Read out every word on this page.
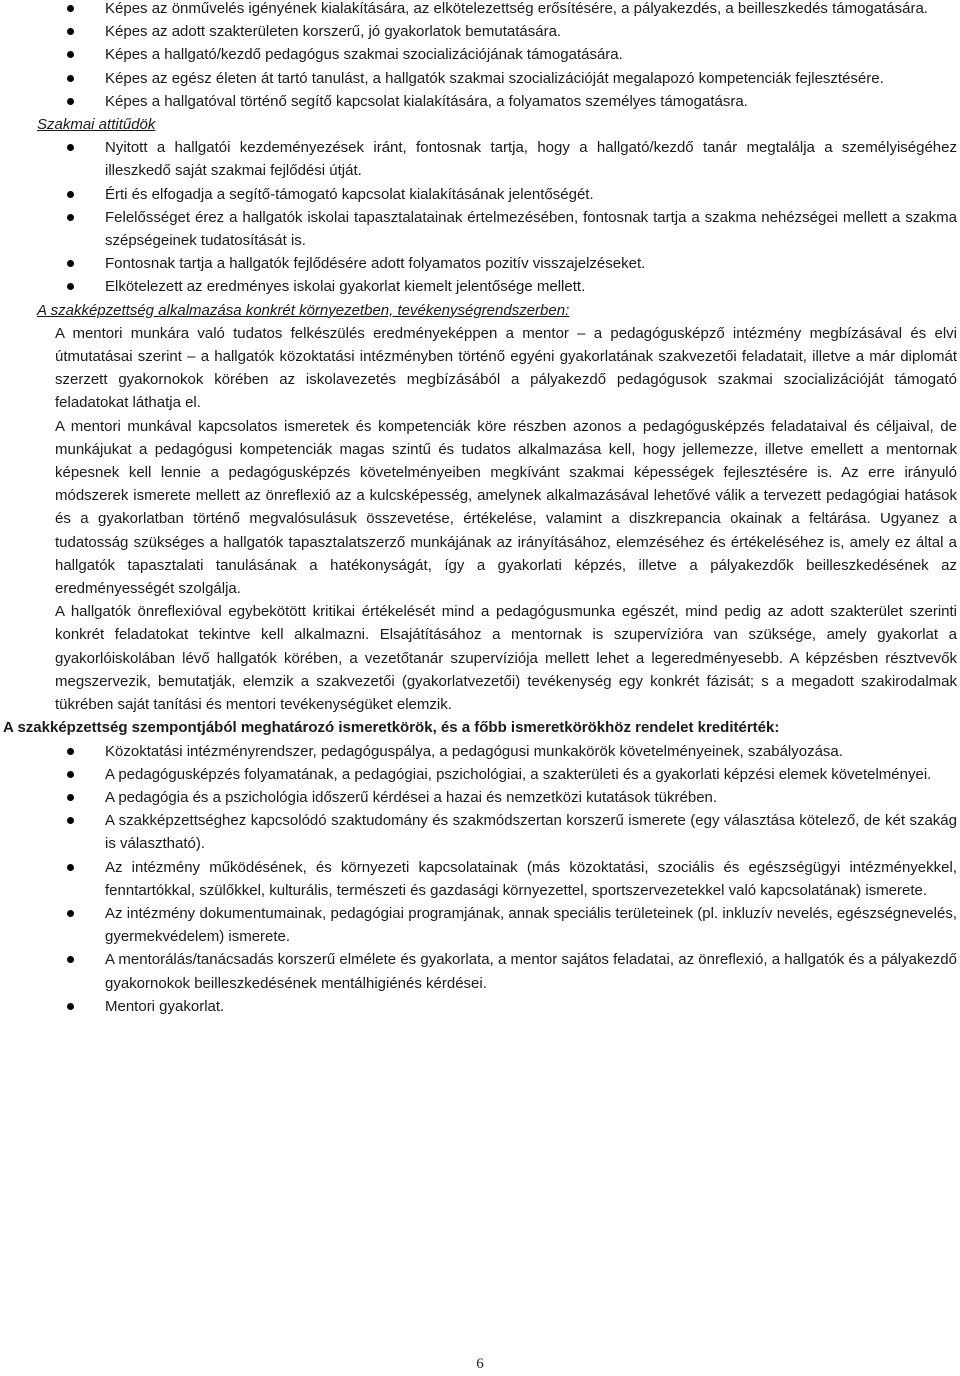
Képes az önművelés igényének kialakítására, az elkötelezettség erősítésére, a pályakezdés, a beilleszkedés támogatására.
Képes az adott szakterületen korszerű, jó gyakorlatok bemutatására.
Képes a hallgató/kezdő pedagógus szakmai szocializációjának támogatására.
Képes az egész életen át tartó tanulást, a hallgatók szakmai szocializációját megalapozó kompetenciák fejlesztésére.
Képes a hallgatóval történő segítő kapcsolat kialakítására, a folyamatos személyes támogatásra.
Szakmai attitűdök
Nyitott a hallgatói kezdeményezések iránt, fontosnak tartja, hogy a hallgató/kezdő tanár megtalálja a személyiségéhez illeszkedő saját szakmai fejlődési útját.
Érti és elfogadja a segítő-támogató kapcsolat kialakításának jelentőségét.
Felelősséget érez a hallgatók iskolai tapasztalatainak értelmezésében, fontosnak tartja a szakma nehézségei mellett a szakma szépségeinek tudatosítását is.
Fontosnak tartja a hallgatók fejlődésére adott folyamatos pozitív visszajelzéseket.
Elkötelezett az eredményes iskolai gyakorlat kiemelt jelentősége mellett.
A szakképzettség alkalmazása konkrét környezetben, tevékenységrendszerben:

A mentori munkára való tudatos felkészülés eredményeképpen a mentor – a pedagógusképző intézmény megbízásával és elvi útmutatásai szerint – a hallgatók közoktatási intézményben történő egyéni gyakorlatának szakvezetői feladatait, illetve a már diplomát szerzett gyakornokok körében az iskolavezetés megbízásából a pályakezdő pedagógusok szakmai szocializációját támogató feladatokat láthatja el.

A mentori munkával kapcsolatos ismeretek és kompetenciák köre részben azonos a pedagógusképzés feladataival és céljaival, de munkájukat a pedagógusi kompetenciák magas szintű és tudatos alkalmazása kell, hogy jellemezze, illetve emellett a mentornak képesnek kell lennie a pedagógusképzés követelményeiben megkívánt szakmai képességek fejlesztésére is. Az erre irányuló módszerek ismerete mellett az önreflexió az a kulcsképesség, amelynek alkalmazásával lehetővé válik a tervezett pedagógiai hatások és a gyakorlatban történő megvalósulásuk összevetése, értékelése, valamint a diszkrepancia okainak a feltárása. Ugyanez a tudatosság szükséges a hallgatók tapasztalatszerző munkájának az irányításához, elemzéséhez és értékeléséhez is, amely ez által a hallgatók tapasztalati tanulásának a hatékonyságát, így a gyakorlati képzés, illetve a pályakezdők beilleszkedésének az eredményességét szolgálja.

A hallgatók önreflexióval egybekötött kritikai értékelését mind a pedagógusmunka egészét, mind pedig az adott szakterület szerinti konkrét feladatokat tekintve kell alkalmazni. Elsajátításához a mentornak is szupervízióra van szüksége, amely gyakorlat a gyakorlóiskolában lévő hallgatók körében, a vezetőtanár szupervíziója mellett lehet a legeredményesebb. A képzésben résztvevők megszervezik, bemutatják, elemzik a szakvezetői (gyakorlatvezetői) tevékenység egy konkrét fázisát; s a megadott szakirodalmak tükrében saját tanítási és mentori tevékenységüket elemzik.

A szakképzettség szempontjából meghatározó ismeretkörök, és a főbb ismeretkörökhöz rendelet kreditérték:
Közoktatási intézményrendszer, pedagóguspálya, a pedagógusi munkakörök követelményeinek, szabályozása.
A pedagógusképzés folyamatának, a pedagógiai, pszichológiai, a szakterületi és a gyakorlati képzési elemek követelményei.
A pedagógia és a pszichológia időszerű kérdései a hazai és nemzetközi kutatások tükrében.
A szakképzettséghez kapcsolódó szaktudomány és szakmódszertan korszerű ismerete (egy választása kötelező, de két szakág is választható).
Az intézmény működésének, és környezeti kapcsolatainak (más közoktatási, szociális és egészségügyi intézményekkel, fenntartókkal, szülőkkel, kulturális, természeti és gazdasági környezettel, sportszervezetekkel való kapcsolatának) ismerete.
Az intézmény dokumentumainak, pedagógiai programjának, annak speciális területeinek (pl. inkluzív nevelés, egészségnevelés, gyermekvédelem) ismerete.
A mentorálás/tanácsadás korszerű elmélete és gyakorlata, a mentor sajátos feladatai, az önreflexió, a hallgatók és a pályakezdő gyakornokok beilleszkedésének mentálhigiénés kérdései.
Mentori gyakorlat.
6
